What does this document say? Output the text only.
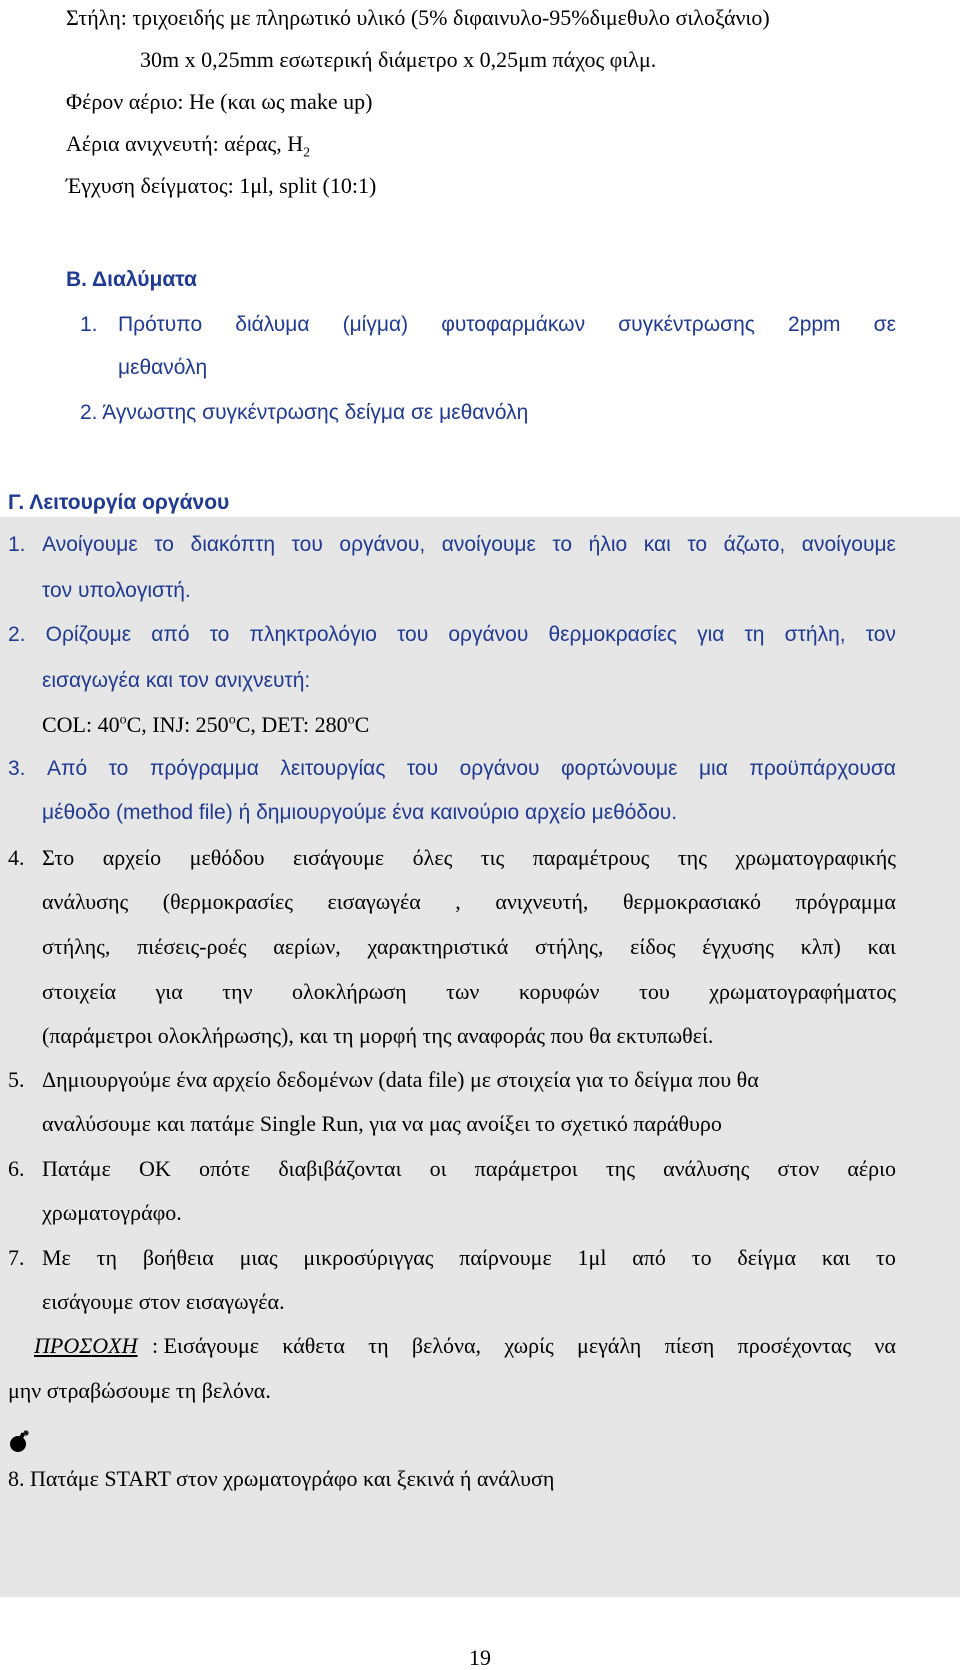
Στήλη: τριχοειδής με πληρωτικό υλικό (5% διφαινυλο-95%διμεθυλο σιλοξάνιο)
30m x 0,25mm εσωτερική διάμετρο x 0,25μm πάχος φιλμ.
Φέρον αέριο: He (και ως make up)
Αέρια ανιχνευτή: αέρας, $H_2$
Έγχυση δείγματος: 1μl, split (10:1)
Β. Διαλύματα
1. Πρότυπο διάλυμα (μίγμα) φυτοφαρμάκων συγκέντρωσης 2ppm σε
μεθανόλη
2. Άγνωστης συγκέντρωσης δείγμα σε μεθανόλη
Γ. Λειτουργία οργάνου
1. Ανοίγουμε το διακόπτη του οργάνου, ανοίγουμε το ήλιο και το άζωτο, ανοίγουμε
τον υπολογιστή.
2. Ορίζουμε από το πληκτρολόγιο του οργάνου θερμοκρασίες για τη στήλη, τον
εισαγωγέα και τον ανιχνευτή:
COL: 40$^o$C, INJ: 250$^o$C, DET: 280$^o$C
3. Από το πρόγραμμα λειτουργίας του οργάνου φορτώνουμε μια προϋπάρχουσα
μέθοδο (method file) ή δημιουργούμε ένα καινούριο αρχείο μεθόδου.
4. Στο αρχείο μεθόδου εισάγουμε όλες τις παραμέτρους της χρωματογραφικής
ανάλυσης (θερμοκρασίες εισαγωγέα , ανιχνευτή, θερμοκρασιακό πρόγραμμα
στήλης, πιέσεις-ροές αερίων, χαρακτηριστικά στήλης, είδος έγχυσης κλπ) και
στοιχεία για την ολοκλήρωση των κορυφών του χρωματογραφήματος
(παράμετροι ολοκλήρωσης), και τη μορφή της αναφοράς που θα εκτυπωθεί.
5. Δημιουργούμε ένα αρχείο δεδομένων (data file) με στοιχεία για το δείγμα που θα
αναλύσουμε και πατάμε Single Run, για να μας ανοίξει το σχετικό παράθυρο
6. Πατάμε ΟΚ οπότε διαβιβάζονται οι παράμετροι της ανάλυσης στον αέριο
χρωματογράφο.
7. Με τη βοήθεια μιας μικροσύριγγας παίρνουμε 1μl από το δείγμα και το
εισάγουμε στον εισαγωγέα.
ΠΡΟΣΟΧΗ : Εισάγουμε κάθετα τη βελόνα, χωρίς μεγάλη πίεση προσέχοντας να
μην στραβώσουμε τη βελόνα.
8. Πατάμε START στον χρωματογράφο και ξεκινά ή ανάλυση
19
